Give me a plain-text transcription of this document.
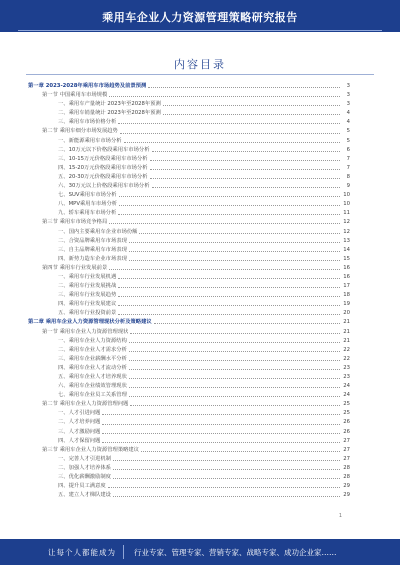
乘用车企业人力资源管理策略研究报告
内容目录
第一章 2023-2028年乘用车市场趋势及前景预测	3
第一节 中国乘用车市场规模	3
一、乘用车产量统计 2023年至2028年预测	3
二、乘用车销量统计 2023年至2028年预测	4
三、乘用车市场价格分析	4
第二节 乘用车细分市场发展趋势	5
一、新能源乘用车市场分析	5
二、10万元以下价格段乘用车市场分析	6
三、10-15万元价格段乘用车市场分析	7
四、15-20万元价格段乘用车市场分析	7
五、20-30万元价格段乘用车市场分析	8
六、30万元以上价格段乘用车市场分析	9
七、SUV乘用车市场分析	10
八、MPV乘用车市场分析	10
九、轿车乘用车市场分析	11
第三节 乘用车市场竞争格局	12
一、国内主要乘用车企业市场份额	12
二、合资品牌乘用车市场表现	13
三、自主品牌乘用车市场表现	14
四、新势力造车企业市场表现	15
第四节 乘用车行业发展前景	16
一、乘用车行业发展机遇	16
二、乘用车行业发展挑战	17
三、乘用车行业发展趋势	18
四、乘用车行业发展建议	19
五、乘用车行业投资前景	20
第二章 乘用车企业人力资源管理现状分析及策略建议	21
第一节 乘用车企业人力资源管理现状	21
一、乘用车企业人力资源结构	21
二、乘用车企业人才需求分析	22
三、乘用车企业薪酬水平分析	22
四、乘用车企业人才流动分析	23
五、乘用车企业人才培养现状	23
六、乘用车企业绩效管理现状	24
七、乘用车企业员工关系管理	24
第二节 乘用车企业人力资源管理问题	25
一、人才引进问题	25
二、人才培养问题	26
三、人才激励问题	26
四、人才保留问题	27
第三节 乘用车企业人力资源管理策略建议	27
一、完善人才引进机制	27
二、加强人才培养体系	28
三、优化薪酬激励制度	28
四、提升员工满意度	29
五、建立人才梯队建设	29
1
让每个人都能成为 行业专家、管理专家、营销专家、战略专家、成功企业家……
